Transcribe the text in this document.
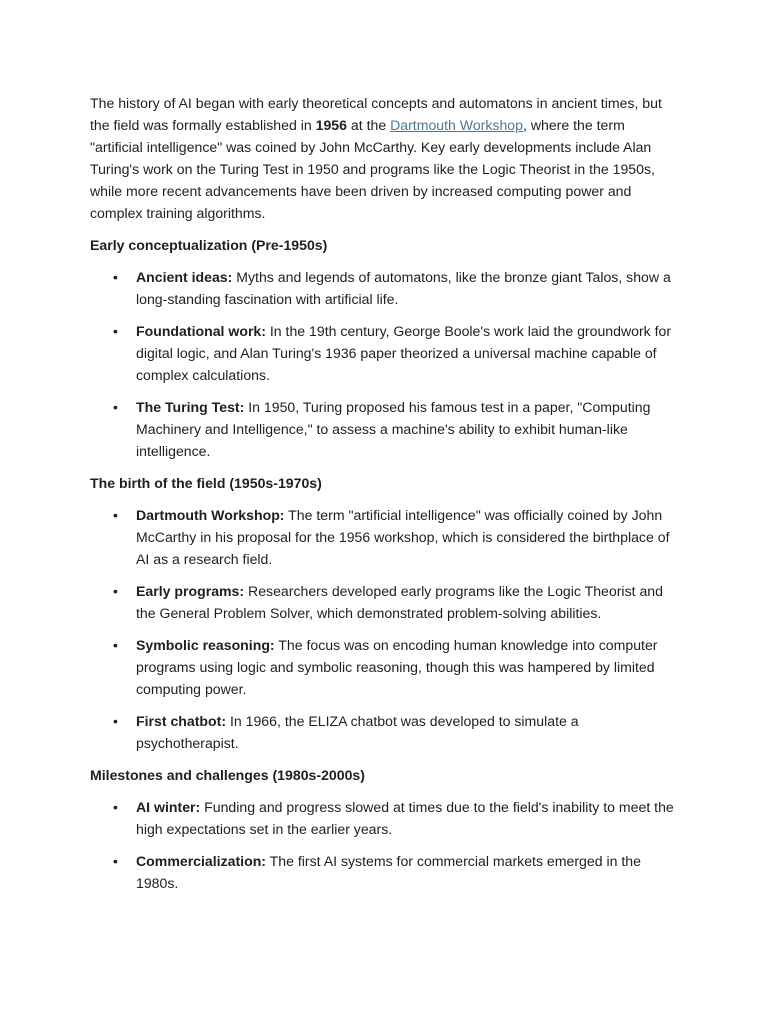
The history of AI began with early theoretical concepts and automatons in ancient times, but the field was formally established in 1956 at the Dartmouth Workshop, where the term "artificial intelligence" was coined by John McCarthy. Key early developments include Alan Turing's work on the Turing Test in 1950 and programs like the Logic Theorist in the 1950s, while more recent advancements have been driven by increased computing power and complex training algorithms.

Early conceptualization (Pre-1950s)

• Ancient ideas: Myths and legends of automatons, like the bronze giant Talos, show a long-standing fascination with artificial life.
• Foundational work: In the 19th century, George Boole's work laid the groundwork for digital logic, and Alan Turing's 1936 paper theorized a universal machine capable of complex calculations.
• The Turing Test: In 1950, Turing proposed his famous test in a paper, "Computing Machinery and Intelligence," to assess a machine's ability to exhibit human-like intelligence.

The birth of the field (1950s-1970s)

• Dartmouth Workshop: The term "artificial intelligence" was officially coined by John McCarthy in his proposal for the 1956 workshop, which is considered the birthplace of AI as a research field.
• Early programs: Researchers developed early programs like the Logic Theorist and the General Problem Solver, which demonstrated problem-solving abilities.
• Symbolic reasoning: The focus was on encoding human knowledge into computer programs using logic and symbolic reasoning, though this was hampered by limited computing power.
• First chatbot: In 1966, the ELIZA chatbot was developed to simulate a psychotherapist.

Milestones and challenges (1980s-2000s)

• AI winter: Funding and progress slowed at times due to the field's inability to meet the high expectations set in the earlier years.
• Commercialization: The first AI systems for commercial markets emerged in the 1980s.
